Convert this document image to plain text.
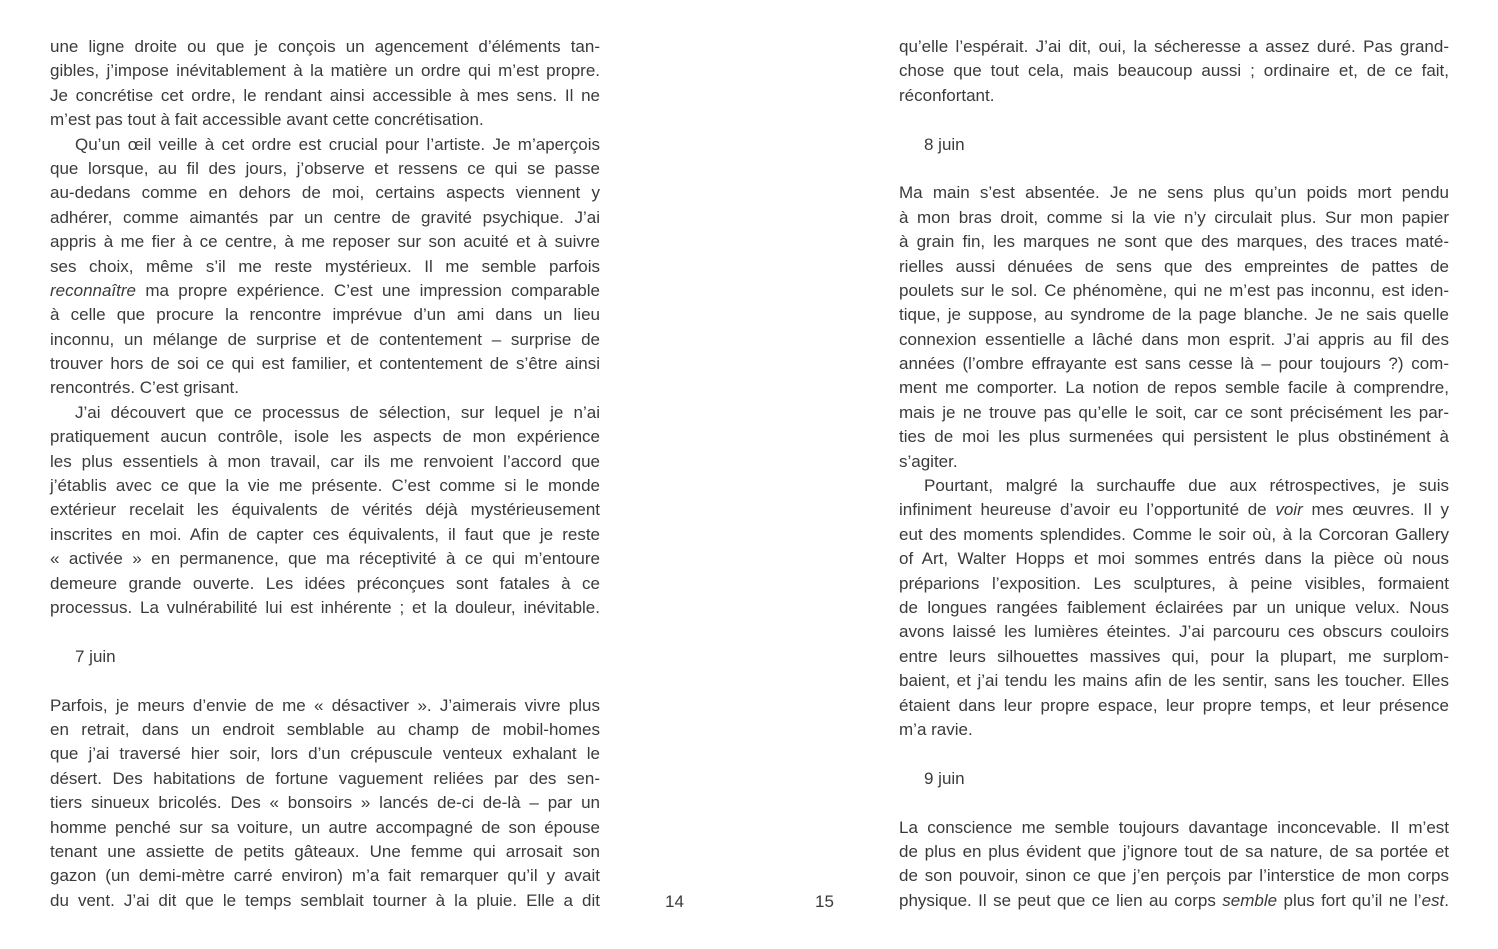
une ligne droite ou que je conçois un agencement d’éléments tan-
gibles, j’impose inévitablement à la matière un ordre qui m’est propre.
Je concrétise cet ordre, le rendant ainsi accessible à mes sens. Il ne
m’est pas tout à fait accessible avant cette concrétisation.
Qu’un œil veille à cet ordre est crucial pour l’artiste. Je m’aperçois
que lorsque, au fil des jours, j’observe et ressens ce qui se passe
au-dedans comme en dehors de moi, certains aspects viennent y
adhérer, comme aimantés par un centre de gravité psychique. J’ai
appris à me fier à ce centre, à me reposer sur son acuité et à suivre
ses choix, même s’il me reste mystérieux. Il me semble parfois
reconnaître ma propre expérience. C’est une impression comparable
à celle que procure la rencontre imprévue d’un ami dans un lieu
inconnu, un mélange de surprise et de contentement – surprise de
trouver hors de soi ce qui est familier, et contentement de s’être ainsi
rencontrés. C’est grisant.
J’ai découvert que ce processus de sélection, sur lequel je n’ai
pratiquement aucun contrôle, isole les aspects de mon expérience
les plus essentiels à mon travail, car ils me renvoient l’accord que
j’établis avec ce que la vie me présente. C’est comme si le monde
extérieur recelait les équivalents de vérités déjà mystérieusement
inscrites en moi. Afin de capter ces équivalents, il faut que je reste
« activée » en permanence, que ma réceptivité à ce qui m’entoure
demeure grande ouverte. Les idées préconçues sont fatales à ce
processus. La vulnérabilité lui est inhérente ; et la douleur, inévitable.
7 juin
Parfois, je meurs d’envie de me « désactiver ». J’aimerais vivre plus
en retrait, dans un endroit semblable au champ de mobil-homes
que j’ai traversé hier soir, lors d’un crépuscule venteux exhalant le
désert. Des habitations de fortune vaguement reliées par des sen-
tiers sinueux bricolés. Des « bonsoirs » lancés de-ci de-là – par un
homme penché sur sa voiture, un autre accompagné de son épouse
tenant une assiette de petits gâteaux. Une femme qui arrosait son
gazon (un demi-mètre carré environ) m’a fait remarquer qu’il y avait
du vent. J’ai dit que le temps semblait tourner à la pluie. Elle a dit
qu’elle l’espérait. J’ai dit, oui, la sécheresse a assez duré. Pas grand-
chose que tout cela, mais beaucoup aussi ; ordinaire et, de ce fait,
réconfortant.
8 juin
Ma main s’est absentée. Je ne sens plus qu’un poids mort pendu
à mon bras droit, comme si la vie n’y circulait plus. Sur mon papier
à grain fin, les marques ne sont que des marques, des traces maté-
rielles aussi dénuées de sens que des empreintes de pattes de
poulets sur le sol. Ce phénomène, qui ne m’est pas inconnu, est iden-
tique, je suppose, au syndrome de la page blanche. Je ne sais quelle
connexion essentielle a lâché dans mon esprit. J’ai appris au fil des
années (l’ombre effrayante est sans cesse là – pour toujours ?) com-
ment me comporter. La notion de repos semble facile à comprendre,
mais je ne trouve pas qu’elle le soit, car ce sont précisément les par-
ties de moi les plus surmenées qui persistent le plus obstinément à
s’agiter.
Pourtant, malgré la surchauffe due aux rétrospectives, je suis
infiniment heureuse d’avoir eu l’opportunité de voir mes œuvres. Il y
eut des moments splendides. Comme le soir où, à la Corcoran Gallery
of Art, Walter Hopps et moi sommes entrés dans la pièce où nous
préparions l’exposition. Les sculptures, à peine visibles, formaient
de longues rangées faiblement éclairées par un unique velux. Nous
avons laissé les lumières éteintes. J’ai parcouru ces obscurs couloirs
entre leurs silhouettes massives qui, pour la plupart, me surplom-
baient, et j’ai tendu les mains afin de les sentir, sans les toucher. Elles
étaient dans leur propre espace, leur propre temps, et leur présence
m’a ravie.
9 juin
La conscience me semble toujours davantage inconcevable. Il m’est
de plus en plus évident que j’ignore tout de sa nature, de sa portée et
de son pouvoir, sinon ce que j’en perçois par l’interstice de mon corps
physique. Il se peut que ce lien au corps semble plus fort qu’il ne l’est.
14	15
